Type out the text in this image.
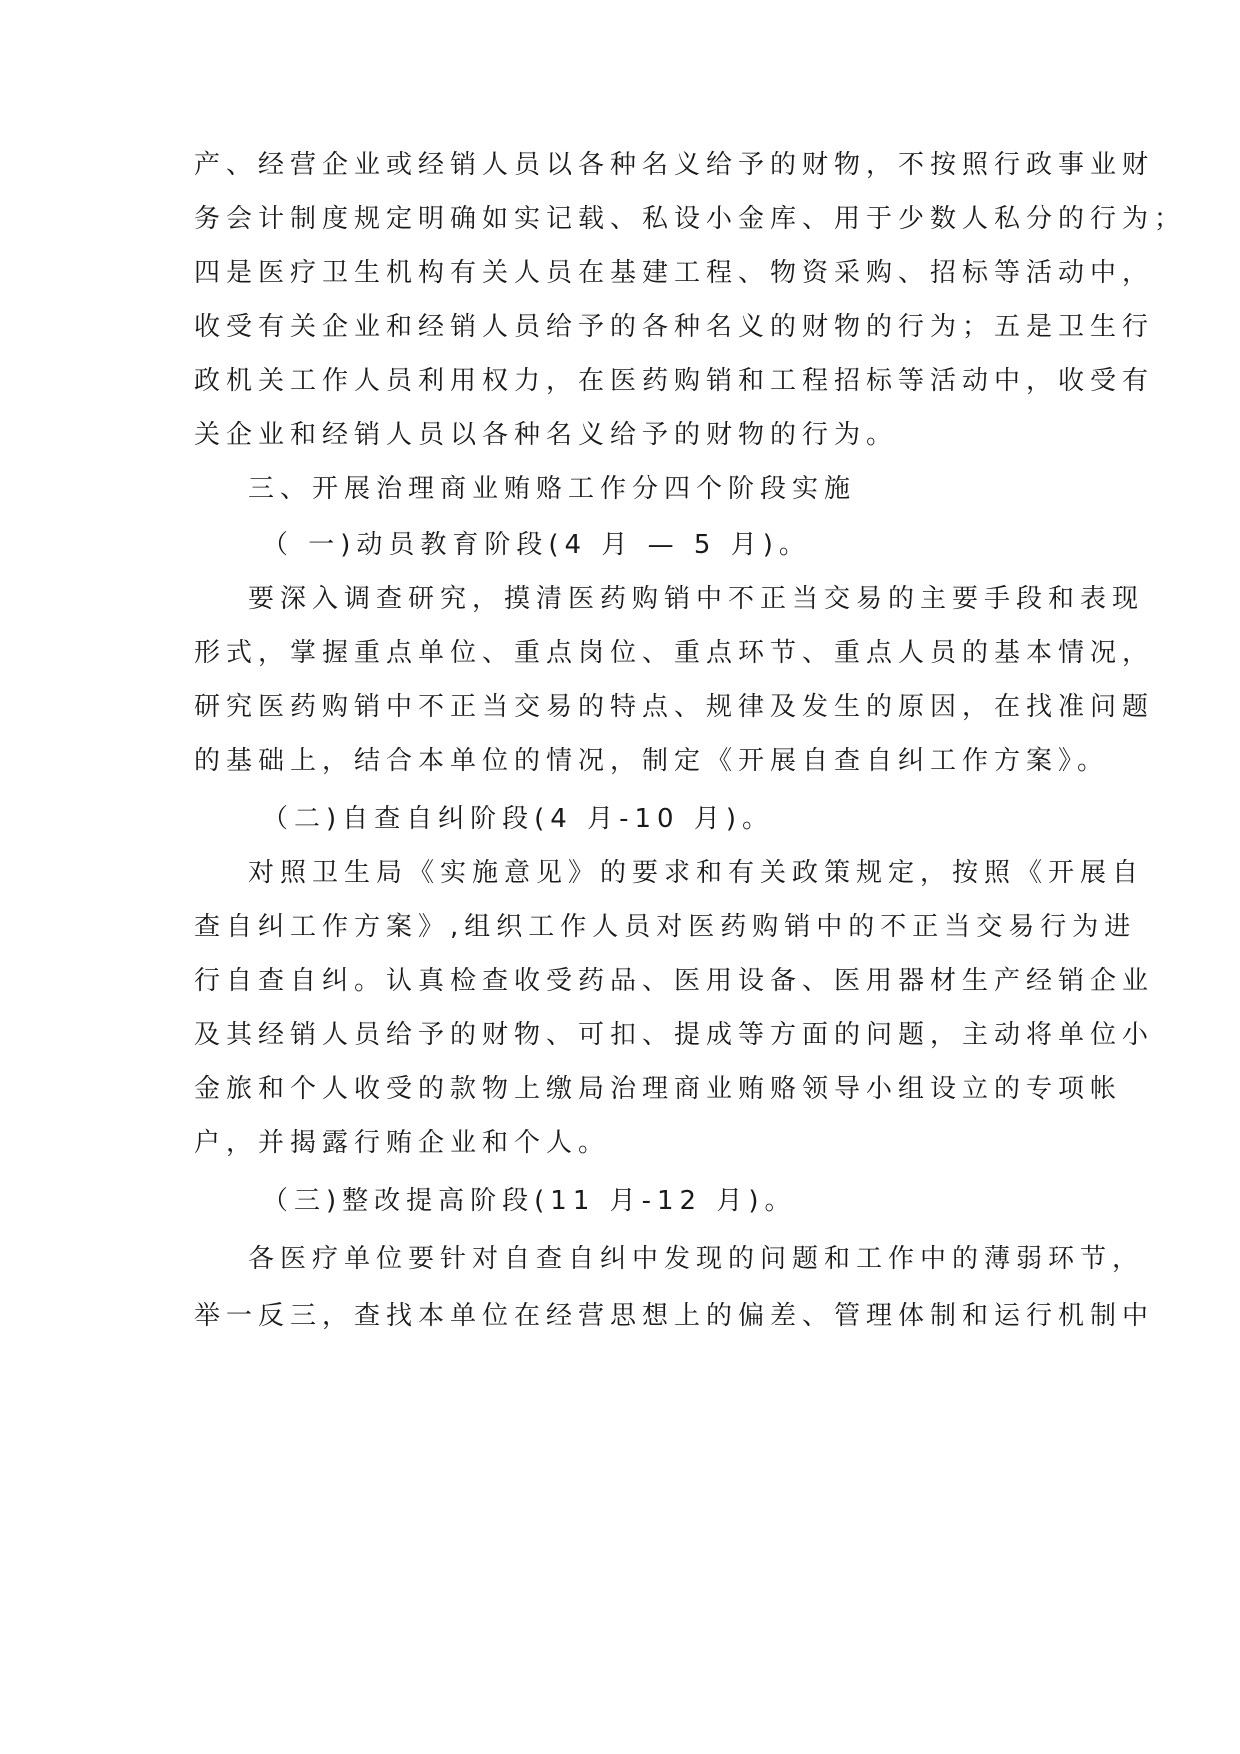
产、经营企业或经销人员以各种名义给予的财物，不按照行政事业财
务会计制度规定明确如实记载、私设小金库、用于少数人私分的行为；
四是医疗卫生机构有关人员在基建工程、物资采购、招标等活动中，
收受有关企业和经销人员给予的各种名义的财物的行为；五是卫生行
政机关工作人员利用权力，在医药购销和工程招标等活动中，收受有
关企业和经销人员以各种名义给予的财物的行为。
三、开展治理商业贿赂工作分四个阶段实施
（ 一)动员教育阶段(4 月 — 5 月)。
要深入调查研究，摸清医药购销中不正当交易的主要手段和表现
形式，掌握重点单位、重点岗位、重点环节、重点人员的基本情况，
研究医药购销中不正当交易的特点、规律及发生的原因，在找准问题
的基础上，结合本单位的情况，制定《开展自查自纠工作方案》。
（二)自查自纠阶段(4 月-10 月)。
对照卫生局《实施意见》的要求和有关政策规定，按照《开展自
查自纠工作方案》,组织工作人员对医药购销中的不正当交易行为进
行自查自纠。认真检查收受药品、医用设备、医用器材生产经销企业
及其经销人员给予的财物、可扣、提成等方面的问题，主动将单位小
金旅和个人收受的款物上缴局治理商业贿赂领导小组设立的专项帐
户，并揭露行贿企业和个人。
（三)整改提高阶段(11 月-12 月)。
各医疗单位要针对自查自纠中发现的问题和工作中的薄弱环节，
举一反三，查找本单位在经营思想上的偏差、管理体制和运行机制中
